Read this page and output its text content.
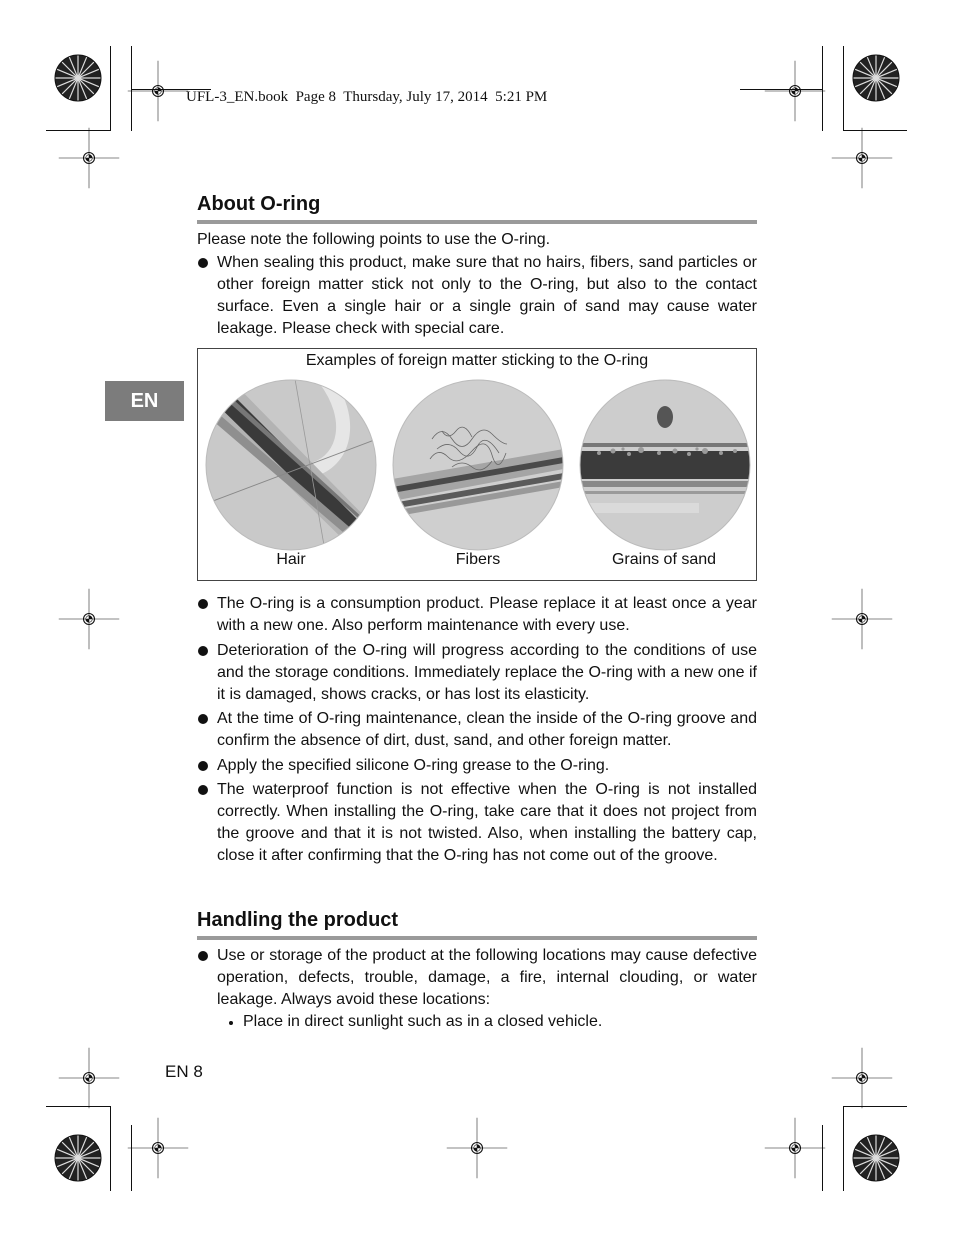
UFL-3_EN.book  Page 8  Thursday, July 17, 2014  5:21 PM
EN
About O-ring
Please note the following points to use the O-ring.
When sealing this product, make sure that no hairs, fibers, sand particles or other foreign matter stick not only to the O-ring, but also to the contact surface. Even a single hair or a single grain of sand may cause water leakage. Please check with special care.
Examples of foreign matter sticking to the O-ring
Hair	Fibers	Grains of sand
The O-ring is a consumption product. Please replace it at least once a year with a new one. Also perform maintenance with every use.
Deterioration of the O-ring will progress according to the conditions of use and the storage conditions. Immediately replace the O-ring with a new one if it is damaged, shows cracks, or has lost its elasticity.
At the time of O-ring maintenance, clean the inside of the O-ring groove and confirm the absence of dirt, dust, sand, and other foreign matter.
Apply the specified silicone O-ring grease to the O-ring.
The waterproof function is not effective when the O-ring is not installed correctly. When installing the O-ring, take care that it does not project from the groove and that it is not twisted. Also, when installing the battery cap, close it after confirming that the O-ring has not come out of the groove.
Handling the product
Use or storage of the product at the following locations may cause defective operation, defects, trouble, damage, a fire, internal clouding, or water leakage. Always avoid these locations:
Place in direct sunlight such as in a closed vehicle.
EN 8
